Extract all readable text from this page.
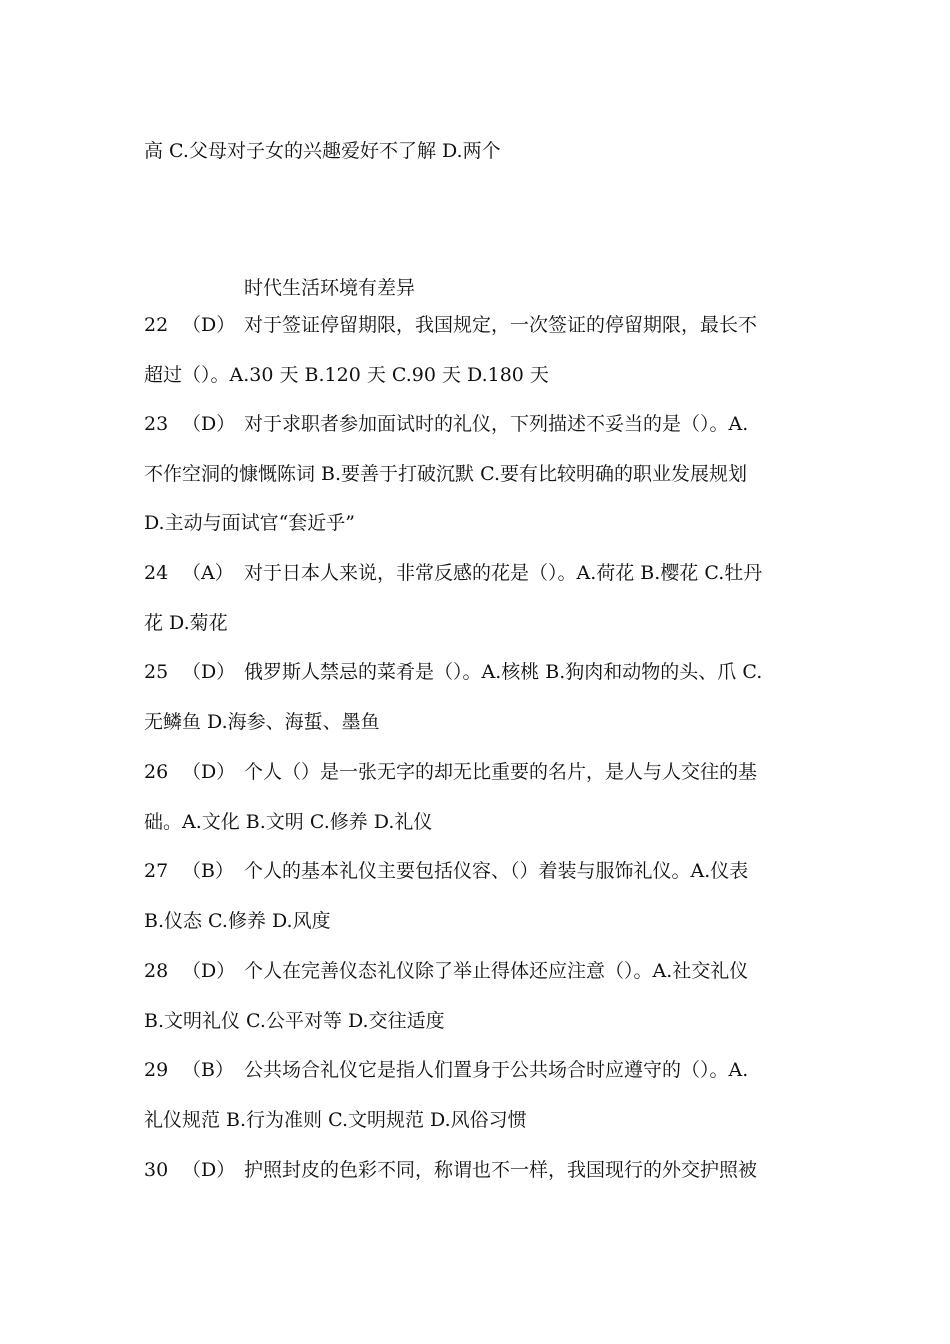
高 C.父母对子女的兴趣爱好不了解 D.两个
时代生活环境有差异
22 （D） 对于签证停留期限，我国规定，一次签证的停留期限，最长不
超过（）。A.30 天 B.120 天 C.90 天 D.180 天
23 （D） 对于求职者参加面试时的礼仪，下列描述不妥当的是（）。A.
不作空洞的慷慨陈词 B.要善于打破沉默 C.要有比较明确的职业发展规划
D.主动与面试官“套近乎”
24 （A） 对于日本人来说，非常反感的花是（）。A.荷花 B.樱花 C.牡丹
花 D.菊花
25 （D） 俄罗斯人禁忌的菜肴是（）。A.核桃 B.狗肉和动物的头、爪 C.
无鳞鱼 D.海参、海蜇、墨鱼
26 （D） 个人（）是一张无字的却无比重要的名片，是人与人交往的基
础。A.文化 B.文明 C.修养 D.礼仪
27 （B） 个人的基本礼仪主要包括仪容、（）着装与服饰礼仪。A.仪表
B.仪态 C.修养 D.风度
28 （D） 个人在完善仪态礼仪除了举止得体还应注意（）。A.社交礼仪
B.文明礼仪 C.公平对等 D.交往适度
29 （B） 公共场合礼仪它是指人们置身于公共场合时应遵守的（）。A.
礼仪规范 B.行为准则 C.文明规范 D.风俗习惯
30 （D） 护照封皮的色彩不同，称谓也不一样，我国现行的外交护照被
